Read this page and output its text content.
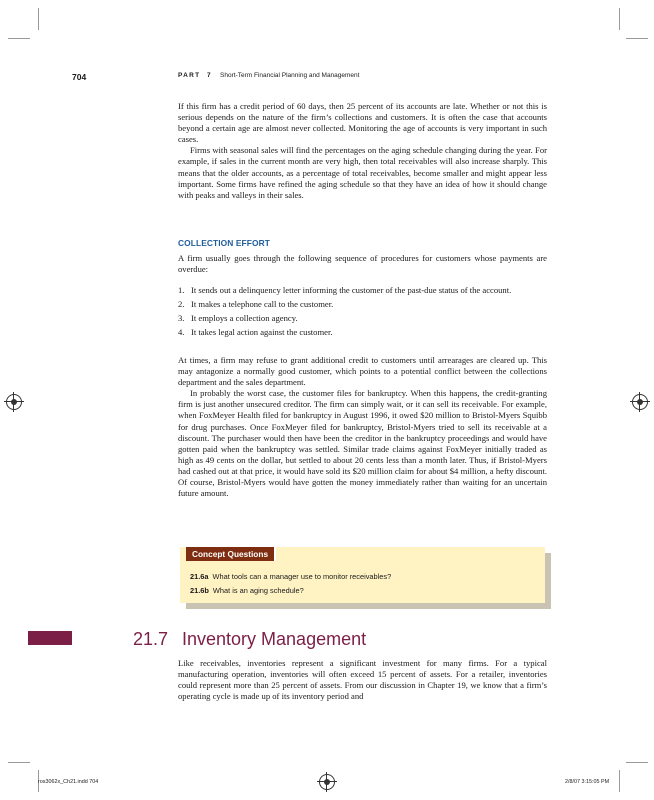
704	PART 7 Short-Term Financial Planning and Management

If this firm has a credit period of 60 days, then 25 percent of its accounts are late. Whether or not this is serious depends on the nature of the firm’s collections and customers. It is often the case that accounts beyond a certain age are almost never collected. Monitoring the age of accounts is very important in such cases.

Firms with seasonal sales will find the percentages on the aging schedule changing during the year. For example, if sales in the current month are very high, then total receivables will also increase sharply. This means that the older accounts, as a percentage of total receivables, become smaller and might appear less important. Some firms have refined the aging schedule so that they have an idea of how it should change with peaks and valleys in their sales.

COLLECTION EFFORT

A firm usually goes through the following sequence of procedures for customers whose payments are overdue:

1. It sends out a delinquency letter informing the customer of the past-due status of the account.
2. It makes a telephone call to the customer.
3. It employs a collection agency.
4. It takes legal action against the customer.

At times, a firm may refuse to grant additional credit to customers until arrearages are cleared up. This may antagonize a normally good customer, which points to a potential conflict between the collections department and the sales department.

In probably the worst case, the customer files for bankruptcy. When this happens, the credit-granting firm is just another unsecured creditor. The firm can simply wait, or it can sell its receivable. For example, when FoxMeyer Health filed for bankruptcy in August 1996, it owed $20 million to Bristol-Myers Squibb for drug purchases. Once FoxMeyer filed for bankruptcy, Bristol-Myers tried to sell its receivable at a discount. The purchaser would then have been the creditor in the bankruptcy proceedings and would have gotten paid when the bankruptcy was settled. Similar trade claims against FoxMeyer initially traded as high as 49 cents on the dollar, but settled to about 20 cents less than a month later. Thus, if Bristol-Myers had cashed out at that price, it would have sold its $20 million claim for about $4 million, a hefty discount. Of course, Bristol-Myers would have gotten the money immediately rather than waiting for an uncertain future amount.

Concept Questions
21.6a What tools can a manager use to monitor receivables?
21.6b What is an aging schedule?
21.7 Inventory Management

Like receivables, inventories represent a significant investment for many firms. For a typical manufacturing operation, inventories will often exceed 15 percent of assets. For a retailer, inventories could represent more than 25 percent of assets. From our discussion in Chapter 19, we know that a firm’s operating cycle is made up of its inventory period and

ros3062x_Ch21.indd 704	2/8/07 3:15:05 PM
